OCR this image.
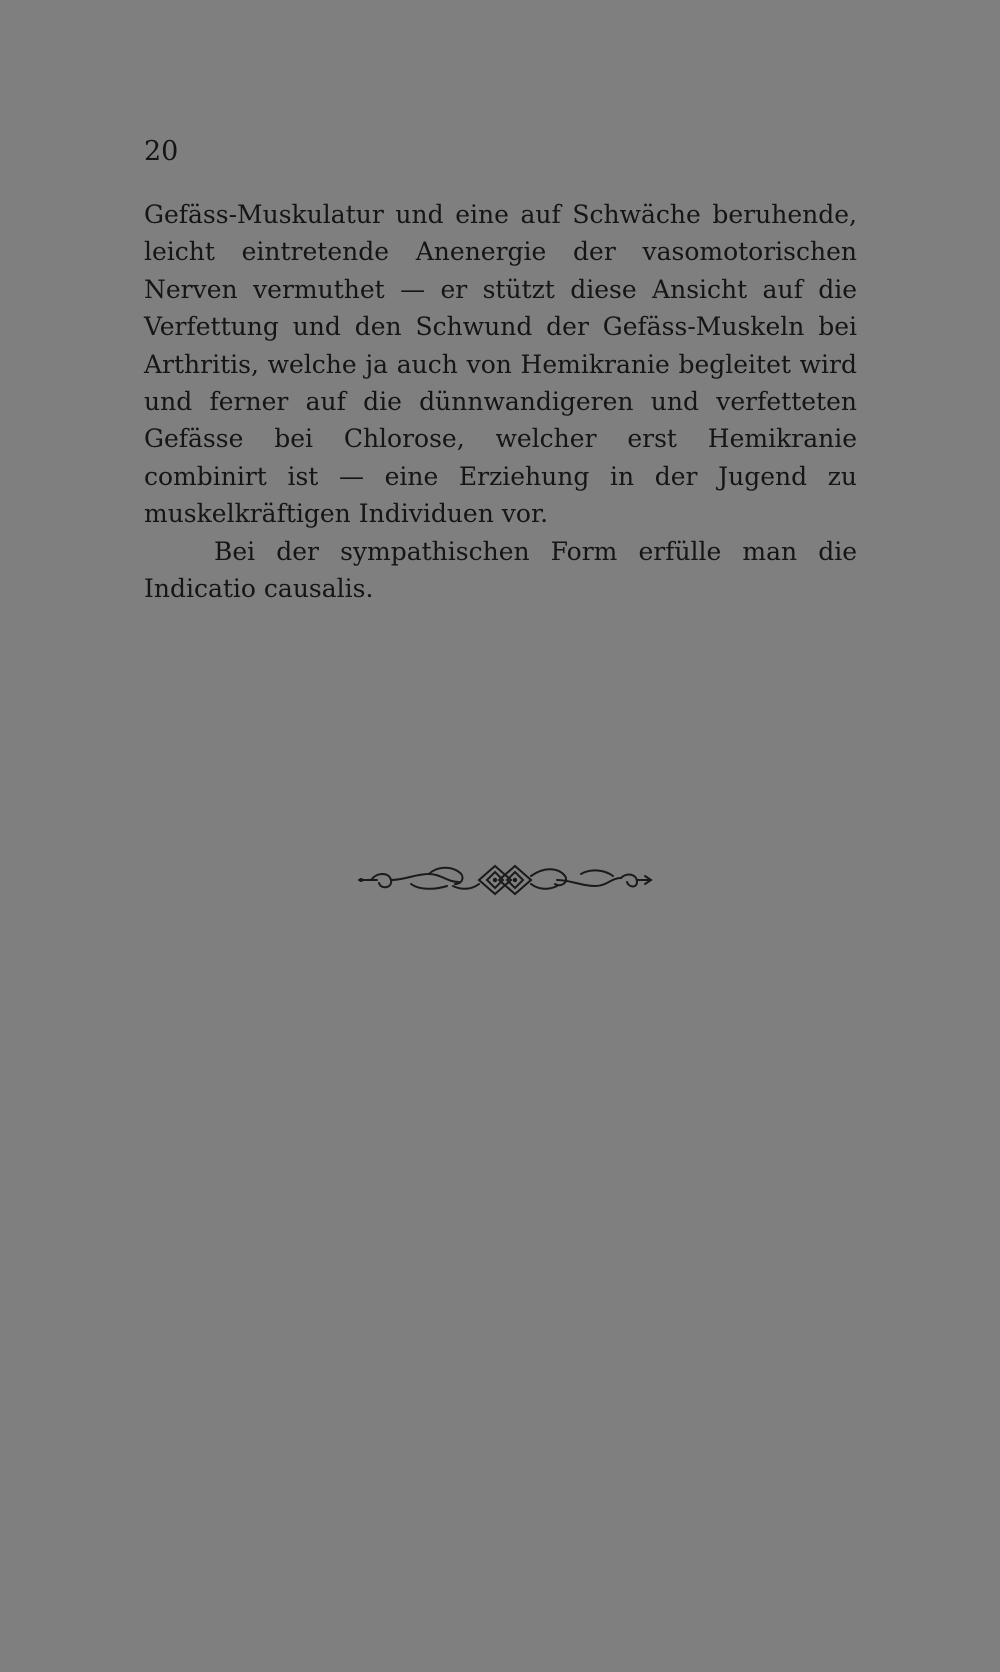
20

Gefäss-Muskulatur und eine auf Schwäche beruhende, leicht eintretende Anenergie der vasomotorischen Nerven vermuthet — er stützt diese Ansicht auf die Verfettung und den Schwund der Gefäss-Muskeln bei Arthritis, welche ja auch von Hemikranie begleitet wird und ferner auf die dünnwandigeren und verfetteten Gefässe bei Chlorose, welcher erst Hemikranie combinirt ist — eine Erziehung in der Jugend zu muskelkräftigen Individuen vor.

Bei der sympathischen Form erfülle man die Indicatio causalis.
